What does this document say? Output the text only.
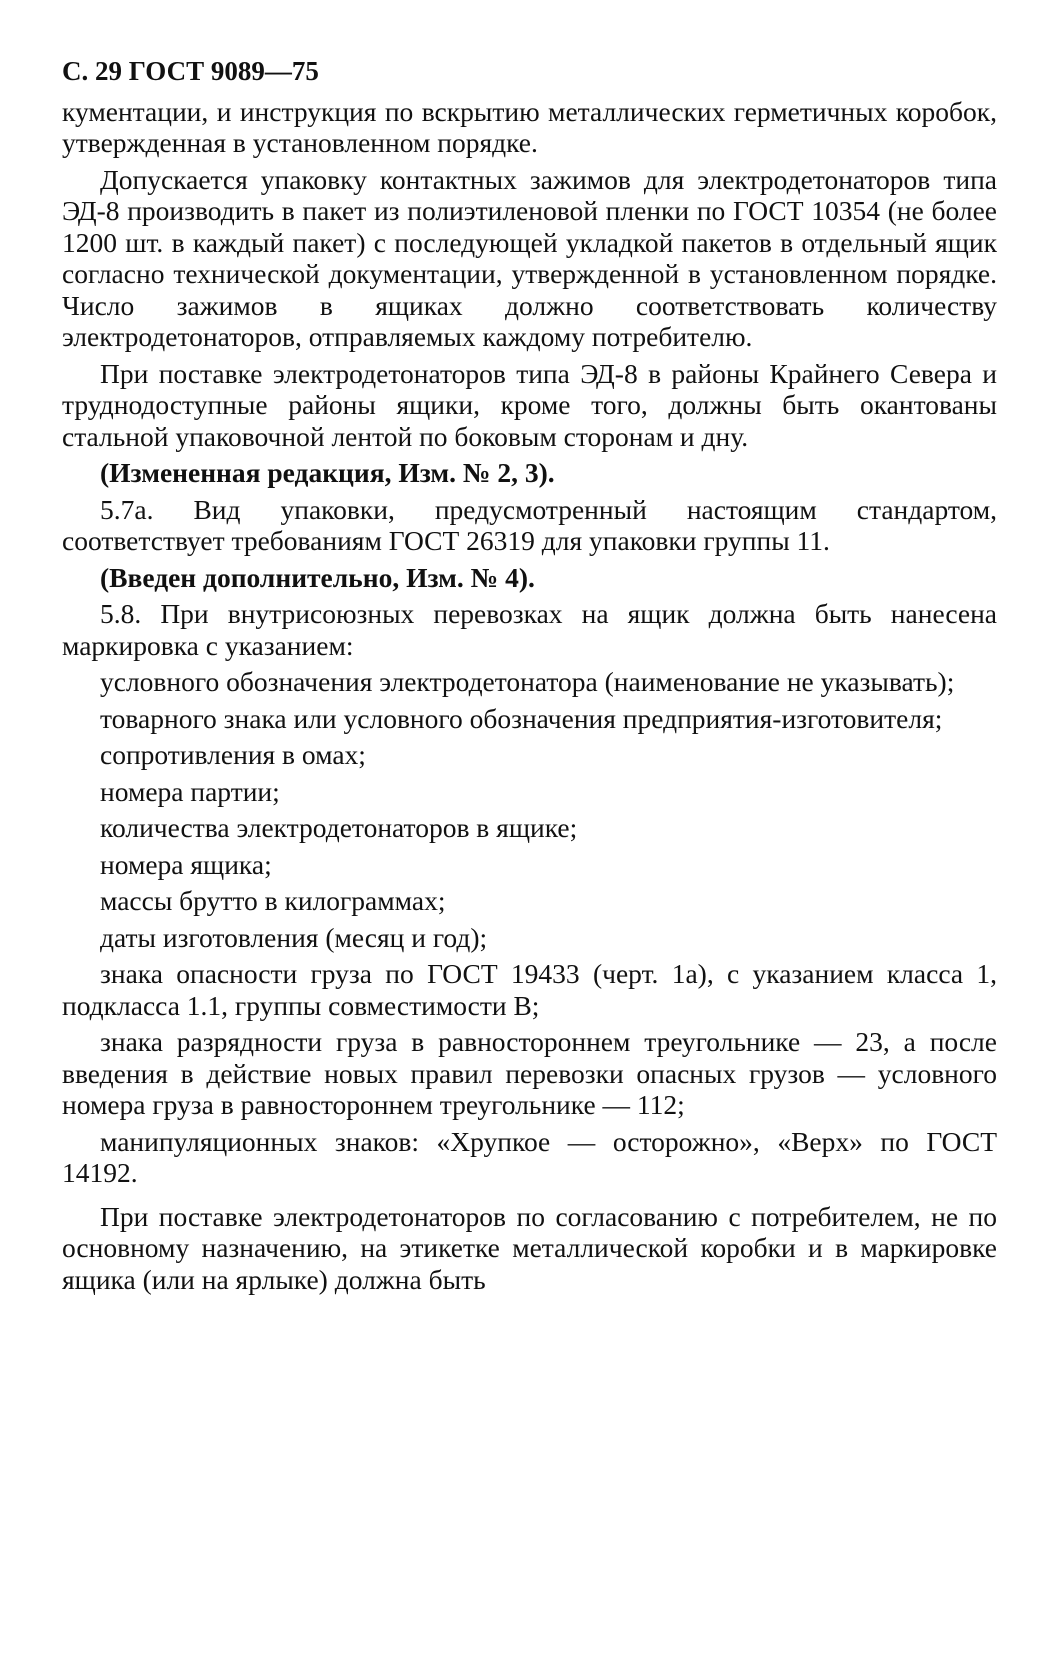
С. 29 ГОСТ 9089—75

кументации, и инструкция по вскрытию металлических герметичных коробок, утвержденная в установленном порядке.

Допускается упаковку контактных зажимов для электродетонаторов типа ЭД-8 производить в пакет из полиэтиленовой пленки по ГОСТ 10354 (не более 1200 шт. в каждый пакет) с последующей укладкой пакетов в отдельный ящик согласно технической документации, утвержденной в установленном порядке. Число зажимов в ящиках должно соответствовать количеству электродетонаторов, отправляемых каждому потребителю.

При поставке электродетонаторов типа ЭД-8 в районы Крайнего Севера и труднодоступные районы ящики, кроме того, должны быть окантованы стальной упаковочной лентой по боковым сторонам и дну.

(Измененная редакция, Изм. № 2, 3).

5.7а. Вид упаковки, предусмотренный настоящим стандартом, соответствует требованиям ГОСТ 26319 для упаковки группы 11.

(Введен дополнительно, Изм. № 4).

5.8. При внутрисоюзных перевозках на ящик должна быть нанесена маркировка с указанием:

условного обозначения электродетонатора (наименование не указывать);

товарного знака или условного обозначения предприятия-изготовителя;

сопротивления в омах;

номера партии;

количества электродетонаторов в ящике;

номера ящика;

массы брутто в килограммах;

даты изготовления (месяц и год);

знака опасности груза по ГОСТ 19433 (черт. 1а), с указанием класса 1, подкласса 1.1, группы совместимости В;

знака разрядности груза в равностороннем треугольнике — 23, а после введения в действие новых правил перевозки опасных грузов — условного номера груза в равностороннем треугольнике — 112;

манипуляционных знаков: «Хрупкое — осторожно», «Верх» по ГОСТ 14192.

При поставке электродетонаторов по согласованию с потребителем, не по основному назначению, на этикетке металлической коробки и в маркировке ящика (или на ярлыке) должна быть
